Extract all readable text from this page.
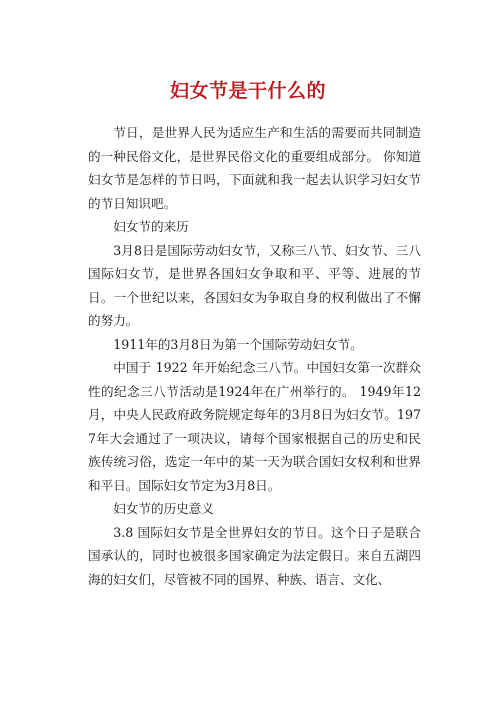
妇女节是干什么的

节日，是世界人民为适应生产和生活的需要而共同制造的一种民俗文化，是世界民俗文化的重要组成部分。 你知道妇女节是怎样的节日吗，下面就和我一起去认识学习妇女节的节日知识吧。

妇女节的来历

3月8日是国际劳动妇女节，又称三八节、妇女节、三八国际妇女节，是世界各国妇女争取和平、平等、进展的节日。一个世纪以来，各国妇女为争取自身的权利做出了不懈的努力。

1911年的3月8日为第一个国际劳动妇女节。

中国于 1922 年开始纪念三八节。中国妇女第一次群众性的纪念三八节活动是1924年在广州举行的。 1949年12月，中央人民政府政务院规定每年的3月8日为妇女节。1977年大会通过了一项决议，请每个国家根据自己的历史和民族传统习俗，选定一年中的某一天为联合国妇女权利和世界和平日。国际妇女节定为3月8日。

妇女节的历史意义

3.8 国际妇女节是全世界妇女的节日。这个日子是联合国承认的，同时也被很多国家确定为法定假日。来自五湖四海的妇女们，尽管被不同的国界、种族、语言、文化、
